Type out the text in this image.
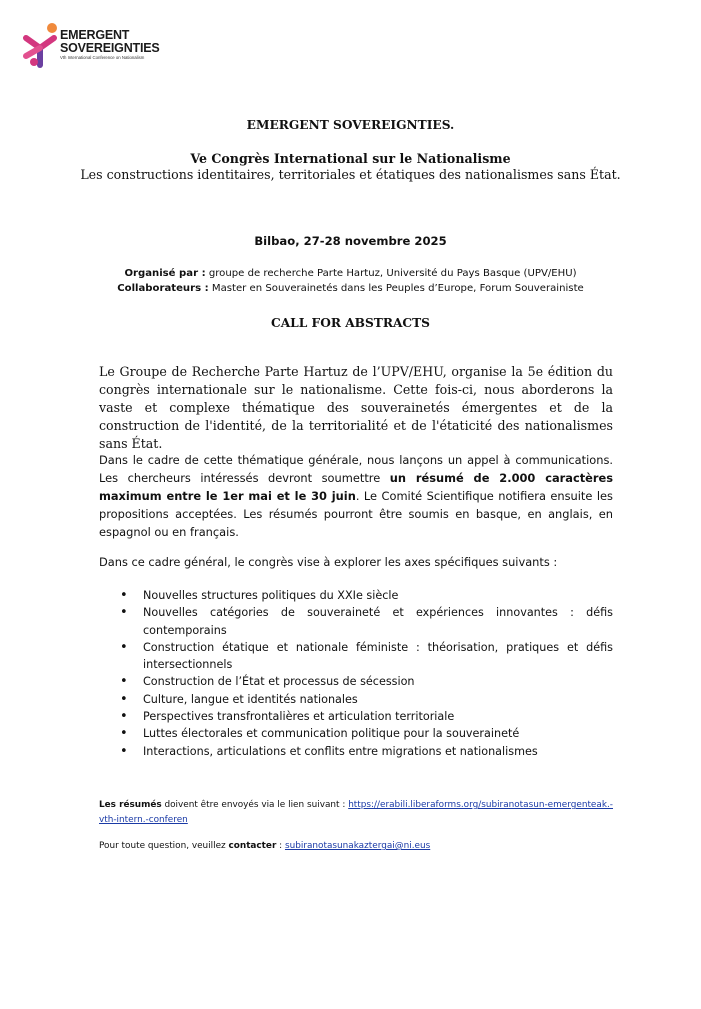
EMERGENT
SOVEREIGNTIES
Vth International Conference on Nationalism
EMERGENT SOVEREIGNTIES.
Ve Congrès International sur le Nationalisme
Les constructions identitaires, territoriales et étatiques des nationalismes sans État.
Bilbao, 27-28 novembre 2025
Organisé par : groupe de recherche Parte Hartuz, Université du Pays Basque (UPV/EHU)
Collaborateurs : Master en Souverainetés dans les Peuples d’Europe, Forum Souverainiste
CALL FOR ABSTRACTS

Le Groupe de Recherche Parte Hartuz de l’UPV/EHU, organise la 5e édition du congrès internationale sur le nationalisme. Cette fois-ci, nous aborderons la vaste et complexe thématique des souverainetés émergentes et de la construction de l'identité, de la territorialité et de l'étaticité des nationalismes sans État.

Dans le cadre de cette thématique générale, nous lançons un appel à communications. Les chercheurs intéressés devront soumettre un résumé de 2.000 caractères maximum entre le 1er mai et le 30 juin. Le Comité Scientifique notifiera ensuite les propositions acceptées. Les résumés pourront être soumis en basque, en anglais, en espagnol ou en français.

Dans ce cadre général, le congrès vise à explorer les axes spécifiques suivants :

• Nouvelles structures politiques du XXIe siècle
• Nouvelles catégories de souveraineté et expériences innovantes : défis contemporains
• Construction étatique et nationale féministe : théorisation, pratiques et défis intersectionnels
• Construction de l’État et processus de sécession
• Culture, langue et identités nationales
• Perspectives transfrontalières et articulation territoriale
• Luttes électorales et communication politique pour la souveraineté
• Interactions, articulations et conflits entre migrations et nationalismes

Les résumés doivent être envoyés via le lien suivant : https://erabili.liberaforms.org/subiranotasun-emergenteak.-vth-intern.-conferen

Pour toute question, veuillez contacter : subiranotasunakaztergai@ni.eus
